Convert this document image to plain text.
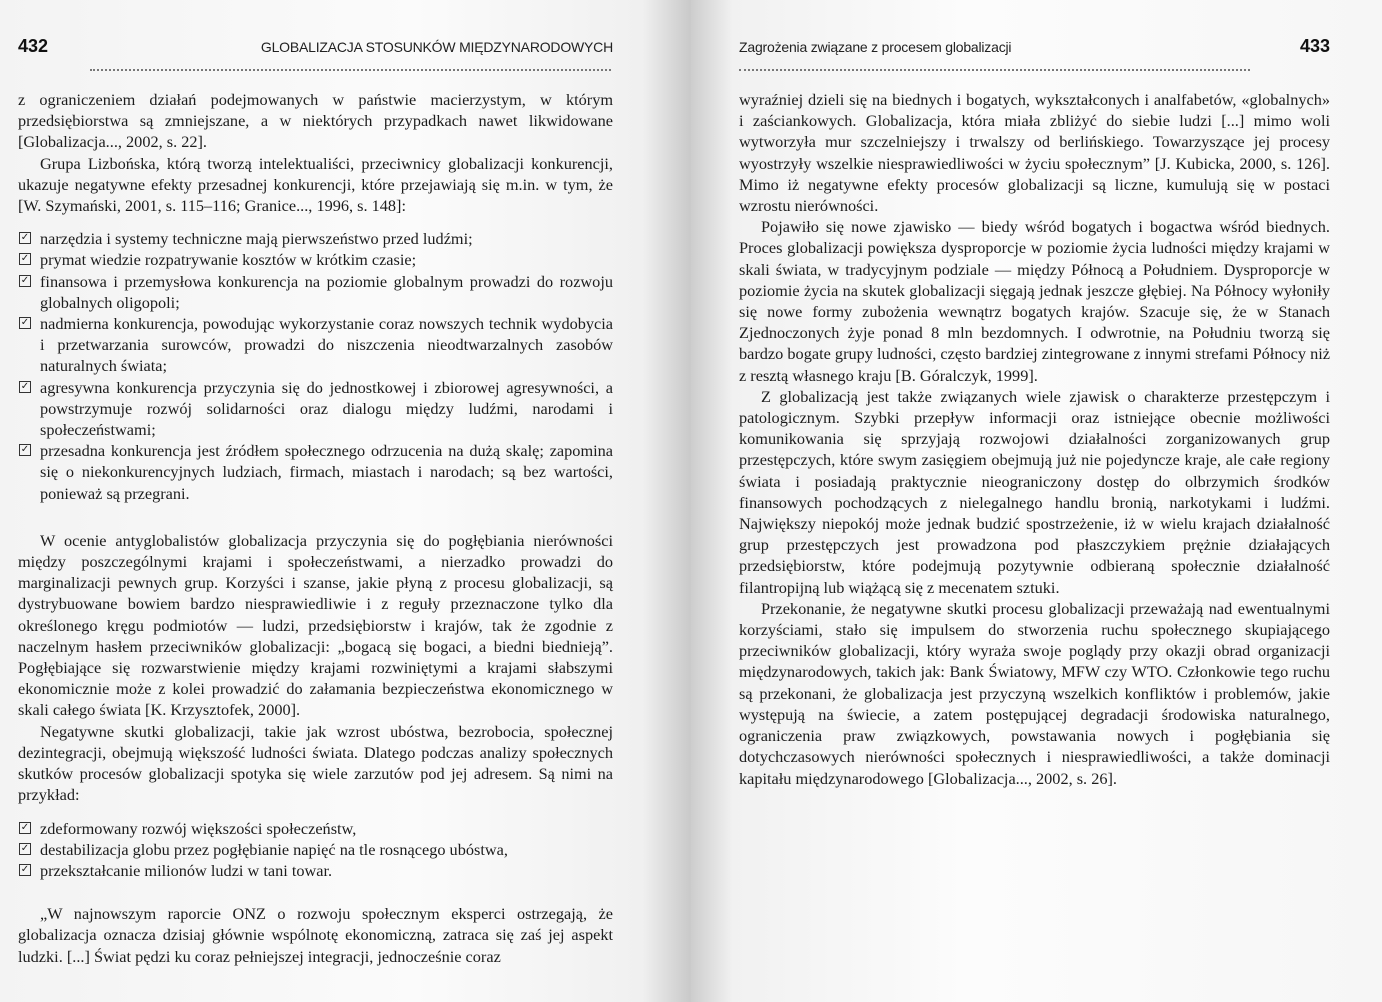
432	GLOBALIZACJA STOSUNKÓW MIĘDZYNARODOWYCH

z ograniczeniem działań podejmowanych w państwie macierzystym, w którym przedsiębiorstwa są zmniejszane, a w niektórych przypadkach nawet likwidowane [Globalizacja..., 2002, s. 22].

Grupa Lizbońska, którą tworzą intelektualiści, przeciwnicy globalizacji konkurencji, ukazuje negatywne efekty przesadnej konkurencji, które przejawiają się m.in. w tym, że [W. Szymański, 2001, s. 115–116; Granice..., 1996, s. 148]:

✓ narzędzia i systemy techniczne mają pierwszeństwo przed ludźmi;
✓ prymat wiedzie rozpatrywanie kosztów w krótkim czasie;
✓ finansowa i przemysłowa konkurencja na poziomie globalnym prowadzi do rozwoju globalnych oligopoli;
✓ nadmierna konkurencja, powodując wykorzystanie coraz nowszych technik wydobycia i przetwarzania surowców, prowadzi do niszczenia nieodtwarzalnych zasobów naturalnych świata;
✓ agresywna konkurencja przyczynia się do jednostkowej i zbiorowej agresywności, a powstrzymuje rozwój solidarności oraz dialogu między ludźmi, narodami i społeczeństwami;
✓ przesadna konkurencja jest źródłem społecznego odrzucenia na dużą skalę; zapomina się o niekonkurencyjnych ludziach, firmach, miastach i narodach; są bez wartości, ponieważ są przegrani.

W ocenie antyglobalistów globalizacja przyczynia się do pogłębiania nierówności między poszczególnymi krajami i społeczeństwami, a nierzadko prowadzi do marginalizacji pewnych grup. Korzyści i szanse, jakie płyną z procesu globalizacji, są dystrybuowane bowiem bardzo niesprawiedliwie i z reguły przeznaczone tylko dla określonego kręgu podmiotów — ludzi, przedsiębiorstw i krajów, tak że zgodnie z naczelnym hasłem przeciwników globalizacji: „bogacą się bogaci, a biedni biednieją”. Pogłębiające się rozwarstwienie między krajami rozwiniętymi a krajami słabszymi ekonomicznie może z kolei prowadzić do załamania bezpieczeństwa ekonomicznego w skali całego świata [K. Krzysztofek, 2000].

Negatywne skutki globalizacji, takie jak wzrost ubóstwa, bezrobocia, społecznej dezintegracji, obejmują większość ludności świata. Dlatego podczas analizy społecznych skutków procesów globalizacji spotyka się wiele zarzutów pod jej adresem. Są nimi na przykład:

✓ zdeformowany rozwój większości społeczeństw,
✓ destabilizacja globu przez pogłębianie napięć na tle rosnącego ubóstwa,
✓ przekształcanie milionów ludzi w tani towar.

„W najnowszym raporcie ONZ o rozwoju społecznym eksperci ostrzegają, że globalizacja oznacza dzisiaj głównie wspólnotę ekonomiczną, zatraca się zaś jej aspekt ludzki. [...] Świat pędzi ku coraz pełniejszej integracji, jednocześnie coraz

Zagrożenia związane z procesem globalizacji	433

wyraźniej dzieli się na biednych i bogatych, wykształconych i analfabetów, «globalnych» i zaściankowych. Globalizacja, która miała zbliżyć do siebie ludzi [...] mimo woli wytworzyła mur szczelniejszy i trwalszy od berlińskiego. Towarzyszące jej procesy wyostrzyły wszelkie niesprawiedliwości w życiu społecznym” [J. Kubicka, 2000, s. 126]. Mimo iż negatywne efekty procesów globalizacji są liczne, kumulują się w postaci wzrostu nierówności.

Pojawiło się nowe zjawisko — biedy wśród bogatych i bogactwa wśród biednych. Proces globalizacji powiększa dysproporcje w poziomie życia ludności między krajami w skali świata, w tradycyjnym podziale — między Północą a Południem. Dysproporcje w poziomie życia na skutek globalizacji sięgają jednak jeszcze głębiej. Na Północy wyłoniły się nowe formy zubożenia wewnątrz bogatych krajów. Szacuje się, że w Stanach Zjednoczonych żyje ponad 8 mln bezdomnych. I odwrotnie, na Południu tworzą się bardzo bogate grupy ludności, często bardziej zintegrowane z innymi strefami Północy niż z resztą własnego kraju [B. Góralczyk, 1999].

Z globalizacją jest także związanych wiele zjawisk o charakterze przestępczym i patologicznym. Szybki przepływ informacji oraz istniejące obecnie możliwości komunikowania się sprzyjają rozwojowi działalności zorganizowanych grup przestępczych, które swym zasięgiem obejmują już nie pojedyncze kraje, ale całe regiony świata i posiadają praktycznie nieograniczony dostęp do olbrzymich środków finansowych pochodzących z nielegalnego handlu bronią, narkotykami i ludźmi. Największy niepokój może jednak budzić spostrzeżenie, iż w wielu krajach działalność grup przestępczych jest prowadzona pod płaszczykiem prężnie działających przedsiębiorstw, które podejmują pozytywnie odbieraną społecznie działalność filantropijną lub wiążącą się z mecenatem sztuki.

Przekonanie, że negatywne skutki procesu globalizacji przeważają nad ewentualnymi korzyściami, stało się impulsem do stworzenia ruchu społecznego skupiającego przeciwników globalizacji, który wyraża swoje poglądy przy okazji obrad organizacji międzynarodowych, takich jak: Bank Światowy, MFW czy WTO. Członkowie tego ruchu są przekonani, że globalizacja jest przyczyną wszelkich konfliktów i problemów, jakie występują na świecie, a zatem postępującej degradacji środowiska naturalnego, ograniczenia praw związkowych, powstawania nowych i pogłębiania się dotychczasowych nierówności społecznych i niesprawiedliwości, a także dominacji kapitału międzynarodowego [Globalizacja..., 2002, s. 26].
